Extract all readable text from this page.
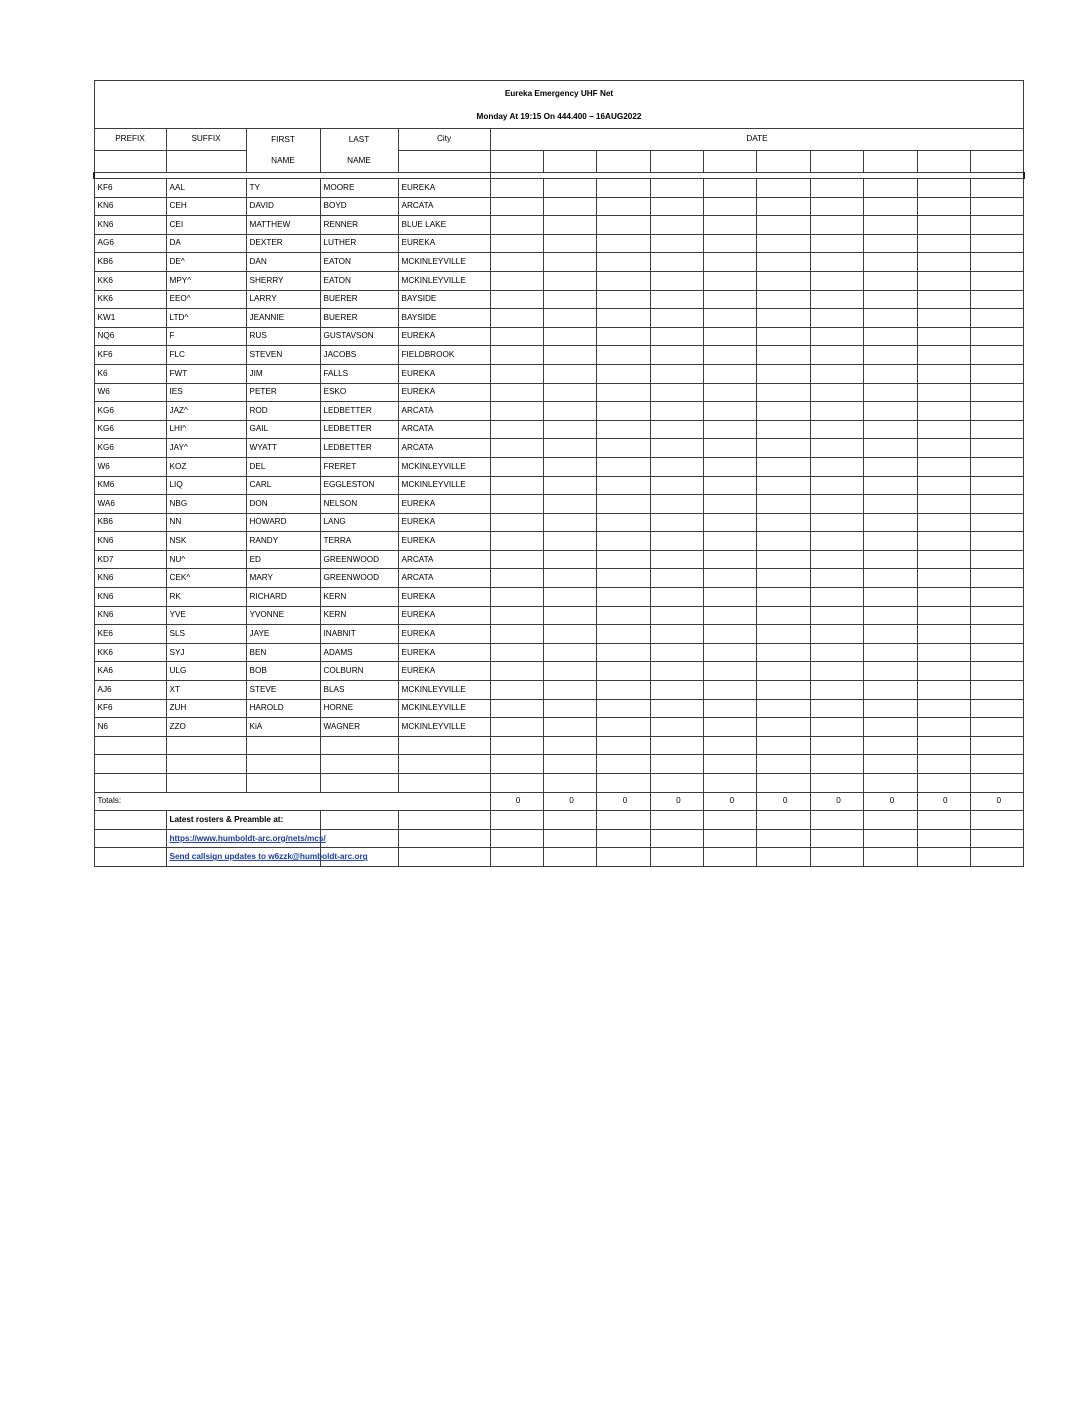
Eureka Emergency UHF Net														
Monday At 19:15 On 444.400 – 16AUG2022														
PREFIX	SUFFIX	FIRST	LAST	City	DATE									
		NAME	NAME											

KF6	AAL	TY	MOORE	EUREKA										
KN6	CEH	DAVID	BOYD	ARCATA										
KN6	CEI	MATTHEW	RENNER	BLUE LAKE										
AG6	DA	DEXTER	LUTHER	EUREKA										
KB6	DE^	DAN	EATON	MCKINLEYVILLE										
KK6	MPY^	SHERRY	EATON	MCKINLEYVILLE										
KK6	EEO^	LARRY	BUERER	BAYSIDE										
KW1	LTD^	JEANNIE	BUERER	BAYSIDE										
NQ6	F	RUS	GUSTAVSON	EUREKA										
KF6	FLC	STEVEN	JACOBS	FIELDBROOK										
K6	FWT	JIM	FALLS	EUREKA										
W6	IES	PETER	ESKO	EUREKA										
KG6	JAZ^	ROD	LEDBETTER	ARCATA										
KG6	LHI^	GAIL	LEDBETTER	ARCATA										
KG6	JAY^	WYATT	LEDBETTER	ARCATA										
W6	KOZ	DEL	FRERET	MCKINLEYVILLE										
KM6	LIQ	CARL	EGGLESTON	MCKINLEYVILLE										
WA6	NBG	DON	NELSON	EUREKA										
KB6	NN	HOWARD	LANG	EUREKA										
KN6	NSK	RANDY	TERRA	EUREKA										
KD7	NU^	ED	GREENWOOD	ARCATA										
KN6	CEK^	MARY	GREENWOOD	ARCATA										
KN6	RK	RICHARD	KERN	EUREKA										
KN6	YVE	YVONNE	KERN	EUREKA										
KE6	SLS	JAYE	INABNIT	EUREKA										
KK6	SYJ	BEN	ADAMS	EUREKA										
KA6	ULG	BOB	COLBURN	EUREKA										
AJ6	XT	STEVE	BLAS	MCKINLEYVILLE										
KF6	ZUH	HAROLD	HORNE	MCKINLEYVILLE										
N6	ZZO	KiA	WAGNER	MCKINLEYVILLE										

Totals:					0	0	0	0	0	0	0	0	0	0

	Latest rosters & Preamble at:													

	https://www.humboldt-arc.org/nets/mcs/													

	Send callsign updates to w6zzk@humboldt-arc.org													
